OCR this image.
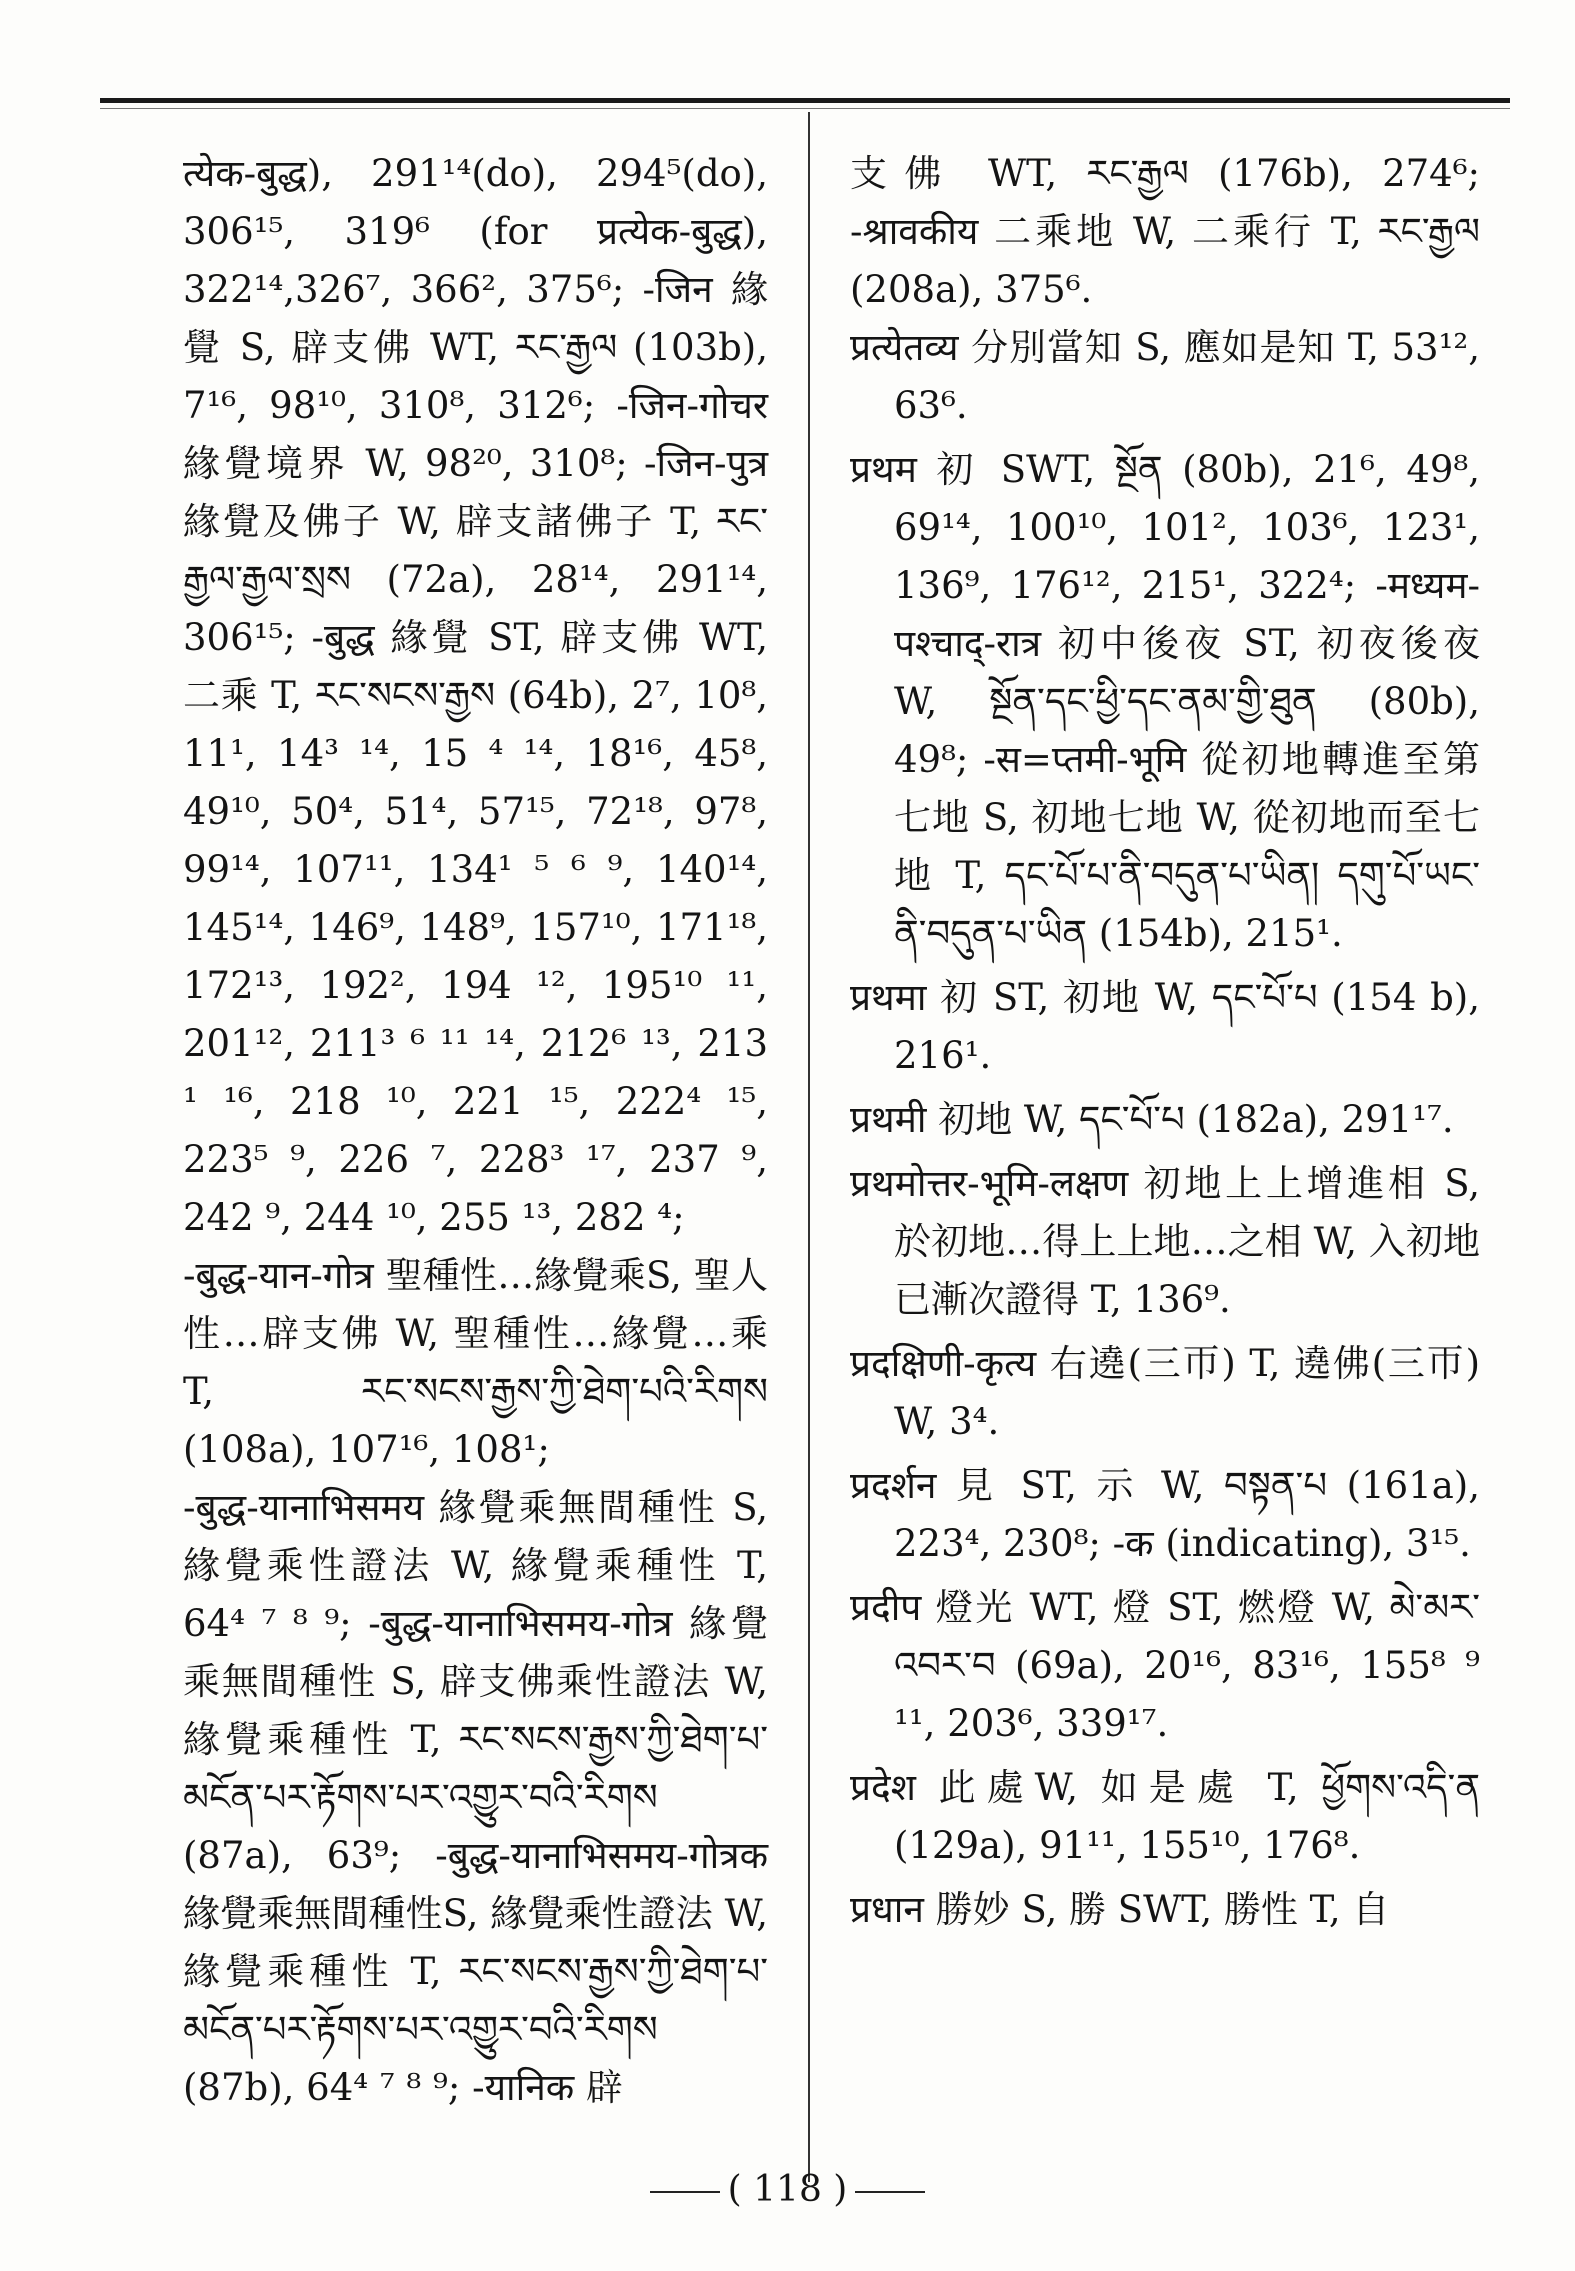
त्येक-बुद्ध), 291¹⁴(do), 294⁵(do), 306¹⁵, 319⁶ (for प्रत्येक-बुद्ध), 322¹⁴,326⁷, 366², 375⁶; -जिन 緣覺 S, 辟支佛 WT, རང་རྒྱལ (103b), 7¹⁶, 98¹⁰, 310⁸, 312⁶; -जिन-गोचर 緣覺境界 W, 98²⁰, 310⁸; -जिन-पुत्र 緣覺及佛子 W, 辟支諸佛子 T, རང་རྒྱལ་རྒྱལ་སྲས (72a), 28¹⁴, 291¹⁴, 306¹⁵; -बुद्ध 緣覺 ST, 辟支佛 WT, 二乘 T, རང་སངས་རྒྱས (64b), 2⁷, 10⁸, 11¹, 14³ ¹⁴, 15 ⁴ ¹⁴, 18¹⁶, 45⁸, 49¹⁰, 50⁴, 51⁴, 57¹⁵, 72¹⁸, 97⁸, 99¹⁴, 107¹¹, 134¹ ⁵ ⁶ ⁹, 140¹⁴, 145¹⁴, 146⁹, 148⁹, 157¹⁰, 171¹⁸, 172¹³, 192², 194 ¹², 195¹⁰ ¹¹, 201¹², 211³ ⁶ ¹¹ ¹⁴, 212⁶ ¹³, 213 ¹ ¹⁶, 218 ¹⁰, 221 ¹⁵, 222⁴ ¹⁵, 223⁵ ⁹, 226 ⁷, 228³ ¹⁷, 237 ⁹, 242 ⁹, 244 ¹⁰, 255 ¹³, 282 ⁴;

-बुद्ध-यान-गोत्र 聖種性…緣覺乘S, 聖人性…辟支佛 W, 聖種性…緣覺…乘 T, རང་སངས་རྒྱས་ཀྱི་ཐེག་པའི་རིགས (108a), 107¹⁶, 108¹;

-बुद्ध-यानाभिसमय 緣覺乘無間種性 S, 緣覺乘性證法 W, 緣覺乘種性 T, 64⁴ ⁷ ⁸ ⁹; -बुद्ध-यानाभिसमय-गोत्र 緣覺乘無間種性 S, 辟支佛乘性證法 W, 緣覺乘種性 T, རང་སངས་རྒྱས་ཀྱི་ཐེག་པ་མངོན་པར་རྟོགས་པར་འགྱུར་བའི་རིགས (87a), 63⁹; -बुद्ध-यानाभिसमय-गोत्रक 緣覺乘無間種性S, 緣覺乘性證法 W, 緣覺乘種性 T, རང་སངས་རྒྱས་ཀྱི་ཐེག་པ་མངོན་པར་རྟོགས་པར་འགྱུར་བའི་རིགས (87b), 64⁴ ⁷ ⁸ ⁹; -यानिक 辟

支佛 WT, རང་རྒྱལ (176b), 274⁶; -श्रावकीय 二乘地 W, 二乘行 T, རང་རྒྱལ (208a), 375⁶.

प्रत्येतव्य 分別當知 S, 應如是知 T, 53¹², 63⁶.

प्रथम 初 SWT, སྔོན (80b), 21⁶, 49⁸, 69¹⁴, 100¹⁰, 101², 103⁶, 123¹, 136⁹, 176¹², 215¹, 322⁴; -मध्यम-पश्चाद्-रात्र 初中後夜 ST, 初夜後夜 W, སྔོན་དང་ཕྱི་དང་ནམ་གྱི་ཐུན (80b), 49⁸; -स=प्तमी-भूमि 從初地轉進至第七地 S, 初地七地 W, 從初地而至七地 T, དང་པོ་པ་ནི་བདུན་པ་ཡིན། དགུ་པོ་ཡང་ནི་བདུན་པ་ཡིན (154b), 215¹.

प्रथमा 初 ST, 初地 W, དང་པོ་པ (154 b), 216¹.

प्रथमी 初地 W, དང་པོ་པ (182a), 291¹⁷.

प्रथमोत्तर-भूमि-लक्षण 初地上上增進相 S, 於初地…得上上地…之相 W, 入初地已漸次證得 T, 136⁹.

प्रदक्षिणी-कृत्य 右遶(三帀) T, 遶佛(三帀) W, 3⁴.

प्रदर्शन 見 ST, 示 W, བསྟན་པ (161a), 223⁴, 230⁸; -क (indicating), 3¹⁵.

प्रदीप 燈光 WT, 燈 ST, 燃燈 W, མེ་མར་འབར་བ (69a), 20¹⁶, 83¹⁶, 155⁸ ⁹ ¹¹, 203⁶, 339¹⁷.

प्रदेश 此處W, 如是處 T, ཕྱོགས་འདི་ན (129a), 91¹¹, 155¹⁰, 176⁸.

प्रधान 勝妙 S, 勝 SWT, 勝性 T, 自

( 118 )
